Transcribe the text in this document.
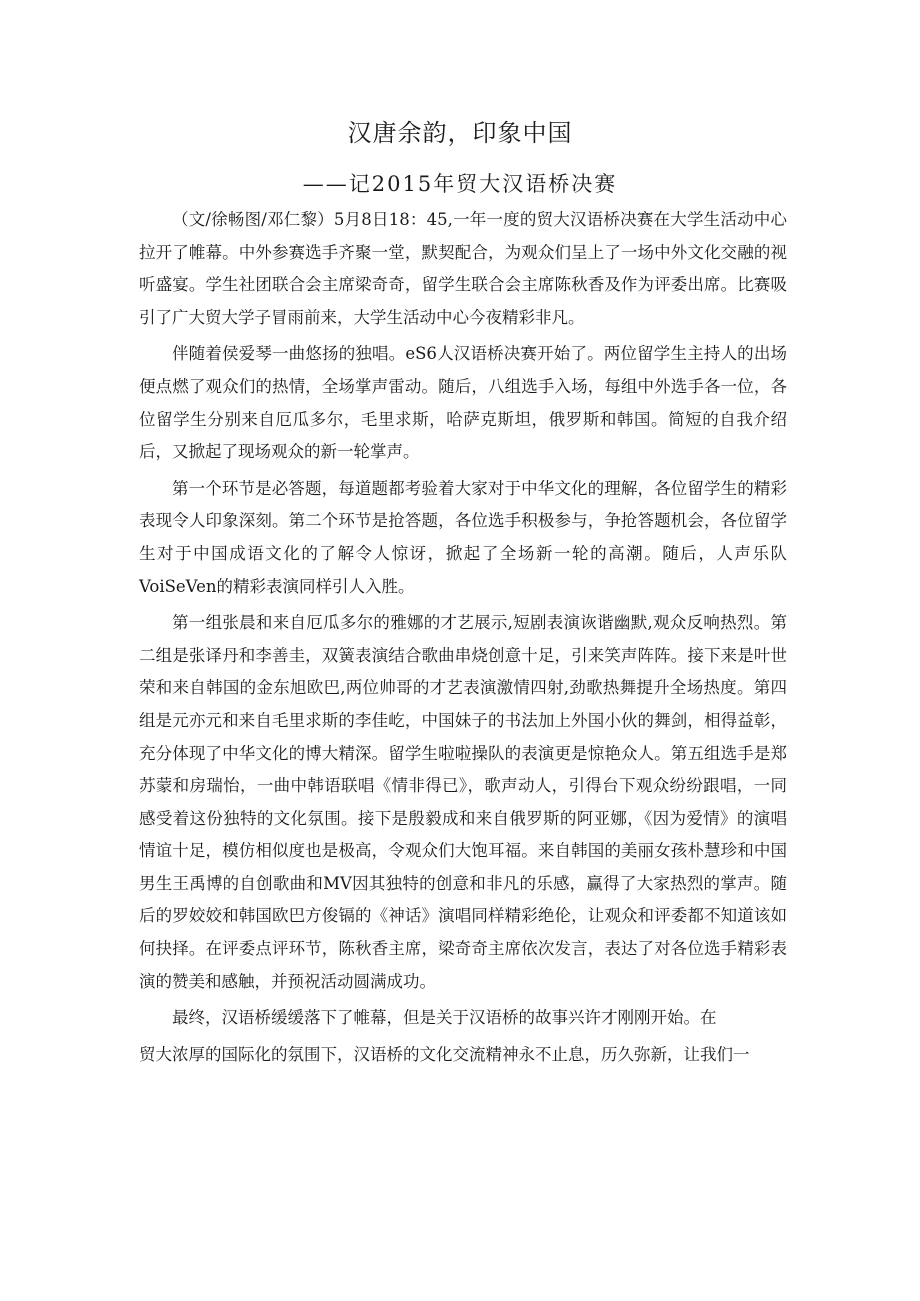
汉唐余韵，印象中国
——记2015年贸大汉语桥决赛

（文/徐畅图/邓仁黎）5月8日18：45,一年一度的贸大汉语桥决赛在大学生活动中心拉开了帷幕。中外参赛选手齐聚一堂，默契配合，为观众们呈上了一场中外文化交融的视听盛宴。学生社团联合会主席梁奇奇，留学生联合会主席陈秋香及作为评委出席。比赛吸引了广大贸大学子冒雨前来，大学生活动中心今夜精彩非凡。

伴随着侯爱琴一曲悠扬的独唱。eS6人汉语桥决赛开始了。两位留学生主持人的出场便点燃了观众们的热情，全场掌声雷动。随后，八组选手入场，每组中外选手各一位，各位留学生分别来自厄瓜多尔，毛里求斯，哈萨克斯坦，俄罗斯和韩国。简短的自我介绍后，又掀起了现场观众的新一轮掌声。

第一个环节是必答题，每道题都考验着大家对于中华文化的理解，各位留学生的精彩表现令人印象深刻。第二个环节是抢答题，各位选手积极参与，争抢答题机会，各位留学生对于中国成语文化的了解令人惊讶，掀起了全场新一轮的高潮。随后，人声乐队VoiSeVen的精彩表演同样引人入胜。

第一组张晨和来自厄瓜多尔的雅娜的才艺展示,短剧表演诙谐幽默,观众反响热烈。第二组是张译丹和李善圭，双簧表演结合歌曲串烧创意十足，引来笑声阵阵。接下来是叶世荣和来自韩国的金东旭欧巴,两位帅哥的才艺表演激情四射,劲歌热舞提升全场热度。第四组是元亦元和来自毛里求斯的李佳屹，中国妹子的书法加上外国小伙的舞剑，相得益彰，充分体现了中华文化的博大精深。留学生啦啦操队的表演更是惊艳众人。第五组选手是郑苏蒙和房瑞怡，一曲中韩语联唱《情非得已》，歌声动人，引得台下观众纷纷跟唱，一同感受着这份独特的文化氛围。接下是殷毅成和来自俄罗斯的阿亚娜，《因为爱情》的演唱情谊十足，模仿相似度也是极高，令观众们大饱耳福。来自韩国的美丽女孩朴慧珍和中国男生王禹博的自创歌曲和MV因其独特的创意和非凡的乐感，赢得了大家热烈的掌声。随后的罗姣姣和韩国欧巴方俊镉的《神话》演唱同样精彩绝伦，让观众和评委都不知道该如何抉择。在评委点评环节，陈秋香主席，梁奇奇主席依次发言，表达了对各位选手精彩表演的赞美和感触，并预祝活动圆满成功。

最终，汉语桥缓缓落下了帷幕，但是关于汉语桥的故事兴许才刚刚开始。在

贸大浓厚的国际化的氛围下，汉语桥的文化交流精神永不止息，历久弥新，让我们一
